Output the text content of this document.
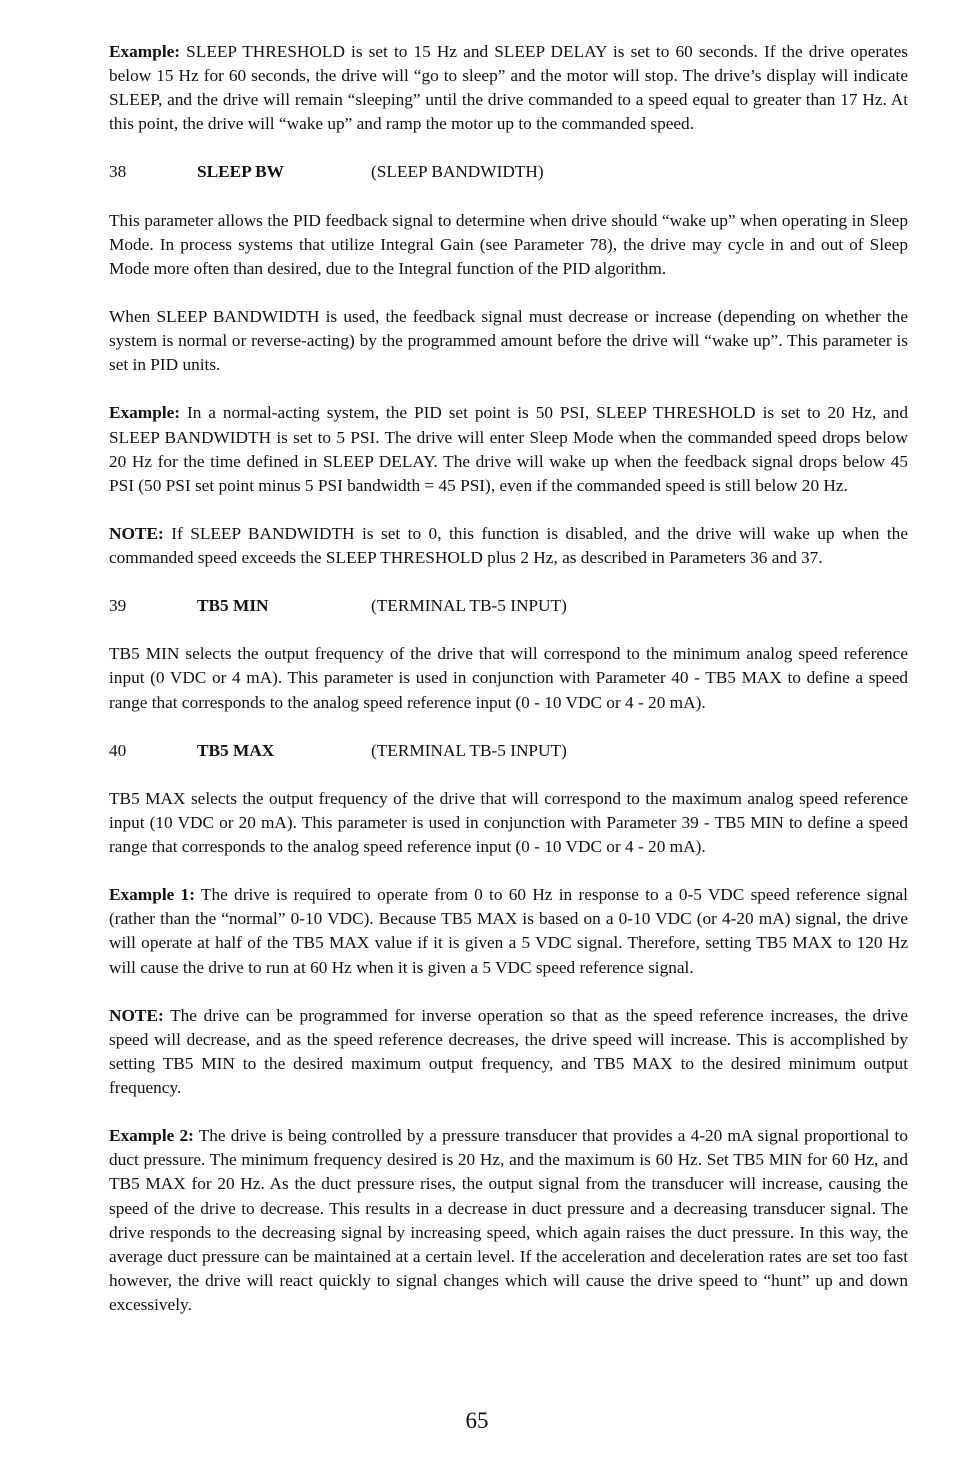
Example: SLEEP THRESHOLD is set to 15 Hz and SLEEP DELAY is set to 60 seconds. If the drive operates below 15 Hz for 60 seconds, the drive will “go to sleep” and the motor will stop. The drive’s display will indicate SLEEP, and the drive will remain “sleeping” until the drive commanded to a speed equal to greater than 17 Hz. At this point, the drive will “wake up” and ramp the motor up to the commanded speed.

38	SLEEP BW	(SLEEP BANDWIDTH)

This parameter allows the PID feedback signal to determine when drive should “wake up” when operating in Sleep Mode. In process systems that utilize Integral Gain (see Parameter 78), the drive may cycle in and out of Sleep Mode more often than desired, due to the Integral function of the PID algorithm.

When SLEEP BANDWIDTH is used, the feedback signal must decrease or increase (depending on whether the system is normal or reverse-acting) by the programmed amount before the drive will “wake up”. This parameter is set in PID units.

Example: In a normal-acting system, the PID set point is 50 PSI, SLEEP THRESHOLD is set to 20 Hz, and SLEEP BANDWIDTH is set to 5 PSI. The drive will enter Sleep Mode when the commanded speed drops below 20 Hz for the time defined in SLEEP DELAY. The drive will wake up when the feedback signal drops below 45 PSI (50 PSI set point minus 5 PSI bandwidth = 45 PSI), even if the commanded speed is still below 20 Hz.

NOTE: If SLEEP BANDWIDTH is set to 0, this function is disabled, and the drive will wake up when the commanded speed exceeds the SLEEP THRESHOLD plus 2 Hz, as described in Parameters 36 and 37.

39	TB5 MIN	(TERMINAL TB-5 INPUT)

TB5 MIN selects the output frequency of the drive that will correspond to the minimum analog speed reference input (0 VDC or 4 mA). This parameter is used in conjunction with Parameter 40 - TB5 MAX to define a speed range that corresponds to the analog speed reference input (0 - 10 VDC or 4 - 20 mA).

40	TB5 MAX	(TERMINAL TB-5 INPUT)

TB5 MAX selects the output frequency of the drive that will correspond to the maximum analog speed reference input (10 VDC or 20 mA). This parameter is used in conjunction with Parameter 39 - TB5 MIN to define a speed range that corresponds to the analog speed reference input (0 - 10 VDC or 4 - 20 mA).

Example 1: The drive is required to operate from 0 to 60 Hz in response to a 0-5 VDC speed reference signal (rather than the “normal” 0-10 VDC). Because TB5 MAX is based on a 0-10 VDC (or 4-20 mA) signal, the drive will operate at half of the TB5 MAX value if it is given a 5 VDC signal. Therefore, setting TB5 MAX to 120 Hz will cause the drive to run at 60 Hz when it is given a 5 VDC speed reference signal.

NOTE: The drive can be programmed for inverse operation so that as the speed reference increases, the drive speed will decrease, and as the speed reference decreases, the drive speed will increase. This is accomplished by setting TB5 MIN to the desired maximum output frequency, and TB5 MAX to the desired minimum output frequency.

Example 2: The drive is being controlled by a pressure transducer that provides a 4-20 mA signal proportional to duct pressure. The minimum frequency desired is 20 Hz, and the maximum is 60 Hz. Set TB5 MIN for 60 Hz, and TB5 MAX for 20 Hz. As the duct pressure rises, the output signal from the transducer will increase, causing the speed of the drive to decrease. This results in a decrease in duct pressure and a decreasing transducer signal. The drive responds to the decreasing signal by increasing speed, which again raises the duct pressure. In this way, the average duct pressure can be maintained at a certain level. If the acceleration and deceleration rates are set too fast however, the drive will react quickly to signal changes which will cause the drive speed to “hunt” up and down excessively.

65
